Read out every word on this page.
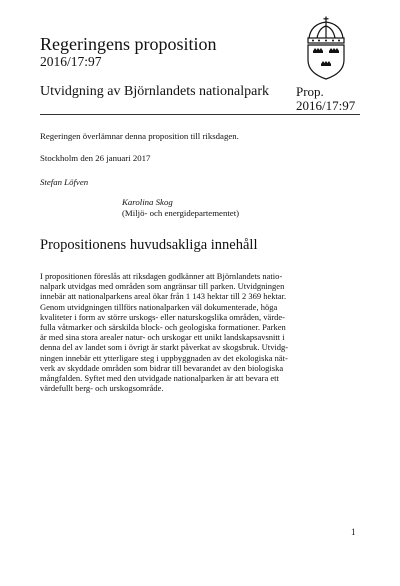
Regeringens proposition
2016/17:97
Utvidgning av Björnlandets nationalpark Prop.
2016/17:97
Regeringen överlämnar denna proposition till riksdagen.
Stockholm den 26 januari 2017
Stefan Löfven
Karolina Skog
(Miljö- och energidepartementet)
Propositionens huvudsakliga innehåll
I propositionen föreslås att riksdagen godkänner att Björnlandets natio-
nalpark utvidgas med områden som angränsar till parken. Utvidgningen
innebär att nationalparkens areal ökar från 1 143 hektar till 2 369 hektar.
Genom utvidgningen tillförs nationalparken väl dokumenterade, höga
kvaliteter i form av större urskogs- eller naturskogslika områden, värde-
fulla våtmarker och särskilda block- och geologiska formationer. Parken
är med sina stora arealer natur- och urskogar ett unikt landskapsavsnitt i
denna del av landet som i övrigt är starkt påverkat av skogsbruk. Utvidg-
ningen innebär ett ytterligare steg i uppbyggnaden av det ekologiska nät-
verk av skyddade områden som bidrar till bevarandet av den biologiska
mångfalden. Syftet med den utvidgade nationalparken är att bevara ett
värdefullt berg- och urskogsområde.
1
